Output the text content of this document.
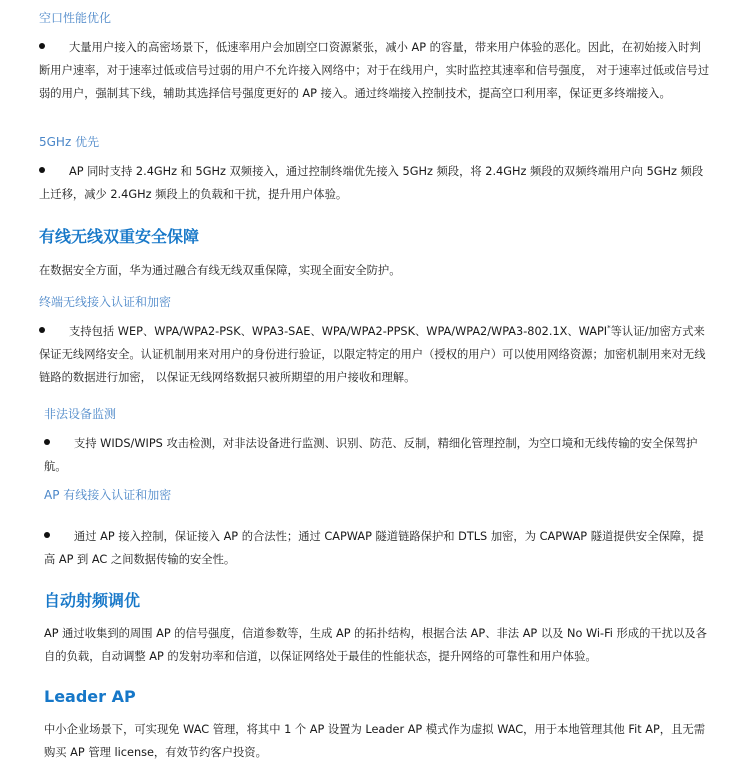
空口性能优化
大量用户接入的高密场景下，低速率用户会加剧空口资源紧张，减小 AP 的容量，带来用户体验的恶化。因此，在初始接入时判断用户速率，对于速率过低或信号过弱的用户不允许接入网络中；对于在线用户，实时监控其速率和信号强度， 对于速率过低或信号过弱的用户，强制其下线，辅助其选择信号强度更好的 AP 接入。通过终端接入控制技术，提高空口利用率，保证更多终端接入。
5GHz 优先
AP 同时支持 2.4GHz 和 5GHz 双频接入，通过控制终端优先接入 5GHz 频段，将 2.4GHz 频段的双频终端用户向 5GHz 频段上迁移，减少 2.4GHz 频段上的负载和干扰，提升用户体验。
有线无线双重安全保障
在数据安全方面，华为通过融合有线无线双重保障，实现全面安全防护。
终端无线接入认证和加密
支持包括 WEP、WPA/WPA2-PSK、WPA3-SAE、WPA/WPA2-PPSK、WPA/WPA2/WPA3-802.1X、WAPI*等认证/加密方式来保证无线网络安全。认证机制用来对用户的身份进行验证，以限定特定的用户（授权的用户）可以使用网络资源；加密机制用来对无线链路的数据进行加密， 以保证无线网络数据只被所期望的用户接收和理解。
非法设备监测
支持 WIDS/WIPS 攻击检测，对非法设备进行监测、识别、防范、反制，精细化管理控制，为空口境和无线传输的安全保驾护航。
AP 有线接入认证和加密
通过 AP 接入控制，保证接入 AP 的合法性；通过 CAPWAP 隧道链路保护和 DTLS 加密，为 CAPWAP 隧道提供安全保障，提高 AP 到 AC 之间数据传输的安全性。
自动射频调优
AP 通过收集到的周围 AP 的信号强度，信道参数等，生成 AP 的拓扑结构，根据合法 AP、非法 AP 以及 No Wi-Fi 形成的干扰以及各自的负载，自动调整 AP 的发射功率和信道，以保证网络处于最佳的性能状态，提升网络的可靠性和用户体验。
Leader AP
中小企业场景下，可实现免 WAC 管理，将其中 1 个 AP 设置为 Leader AP 模式作为虚拟 WAC，用于本地管理其他 Fit AP，且无需购买 AP 管理 license，有效节约客户投资。
